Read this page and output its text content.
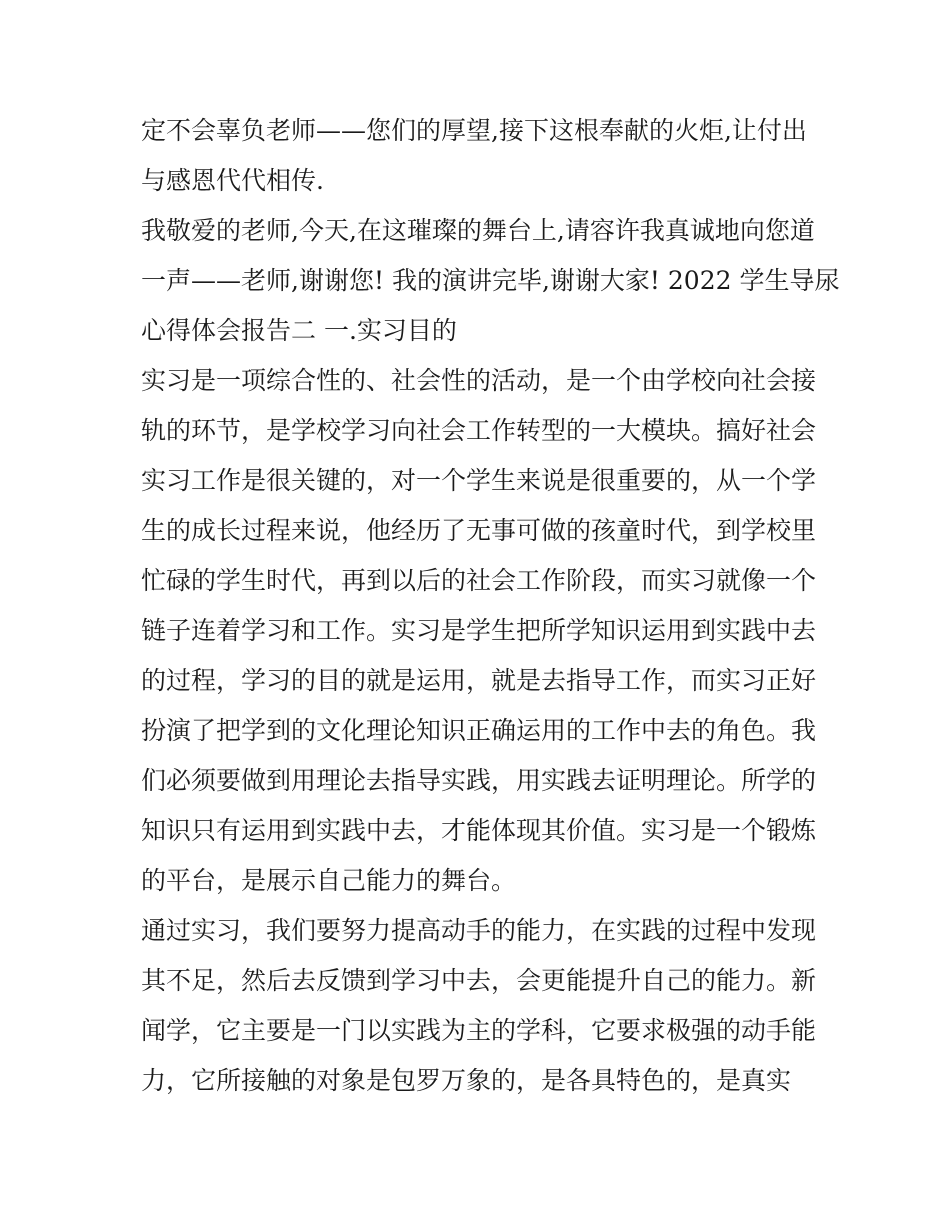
定不会辜负老师——您们的厚望,接下这根奉献的火炬,让付出
与感恩代代相传.
我敬爱的老师,今天,在这璀璨的舞台上,请容许我真诚地向您道
一声——老师,谢谢您! 我的演讲完毕,谢谢大家! 2022 学生导尿
心得体会报告二 一.实习目的
实习是一项综合性的、社会性的活动，是一个由学校向社会接
轨的环节，是学校学习向社会工作转型的一大模块。搞好社会
实习工作是很关键的，对一个学生来说是很重要的，从一个学
生的成长过程来说，他经历了无事可做的孩童时代，到学校里
忙碌的学生时代，再到以后的社会工作阶段，而实习就像一个
链子连着学习和工作。实习是学生把所学知识运用到实践中去
的过程，学习的目的就是运用，就是去指导工作，而实习正好
扮演了把学到的文化理论知识正确运用的工作中去的角色。我
们必须要做到用理论去指导实践，用实践去证明理论。所学的
知识只有运用到实践中去，才能体现其价值。实习是一个锻炼
的平台，是展示自己能力的舞台。
通过实习，我们要努力提高动手的能力，在实践的过程中发现
其不足，然后去反馈到学习中去，会更能提升自己的能力。新
闻学，它主要是一门以实践为主的学科，它要求极强的动手能
力，它所接触的对象是包罗万象的，是各具特色的，是真实
